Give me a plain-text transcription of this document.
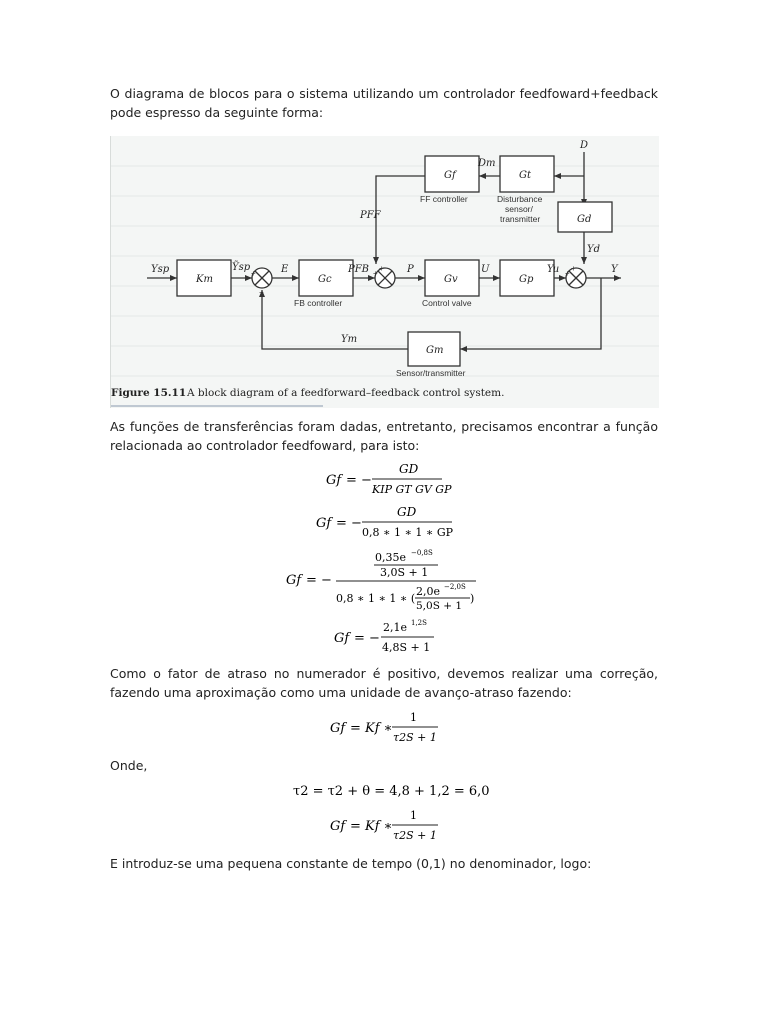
O diagrama de blocos para o sistema utilizando um controlador feedfoward+feedback pode espresso da seguinte forma:

+
−
+
+
+
+
Km	Gc	Gv	Gp
Gf	Gt
Gd
Gm
FF controller	Disturbance
sensor/
transmitter
FB controller	Control valve
Sensor/transmitter
Ysp	Ỹsp	E	PFB
PFF
P	U	Yu	Y
D
Dm
Yd
Ym
Figure 15.11 A block diagram of a feedforward–feedback control system.

As funções de transferências foram dadas, entretanto, precisamos encontrar a função relacionada ao controlador feedfoward, para isto:

Gf = −
GD
KIP GT GV GP
Gf = −
GD
0,8 ∗ 1 ∗ 1 ∗ GP
Gf = −
0,35e −0,8S
3,0S + 1
0,8 ∗ 1 ∗ 1 ∗ (
2,0e −2,0S
5,0S + 1
)
Gf = −
2,1e 1,2S
4,8S + 1

Como o fator de atraso no numerador é positivo, devemos realizar uma correção, fazendo uma aproximação como uma unidade de avanço-atraso fazendo:

Gf = Kf ∗
1
τ2S + 1

Onde,

τ2 = τ2 + θ = 4,8 + 1,2 = 6,0
Gf = Kf ∗
1
τ2S + 1

E introduz-se uma pequena constante de tempo (0,1) no denominador, logo:
